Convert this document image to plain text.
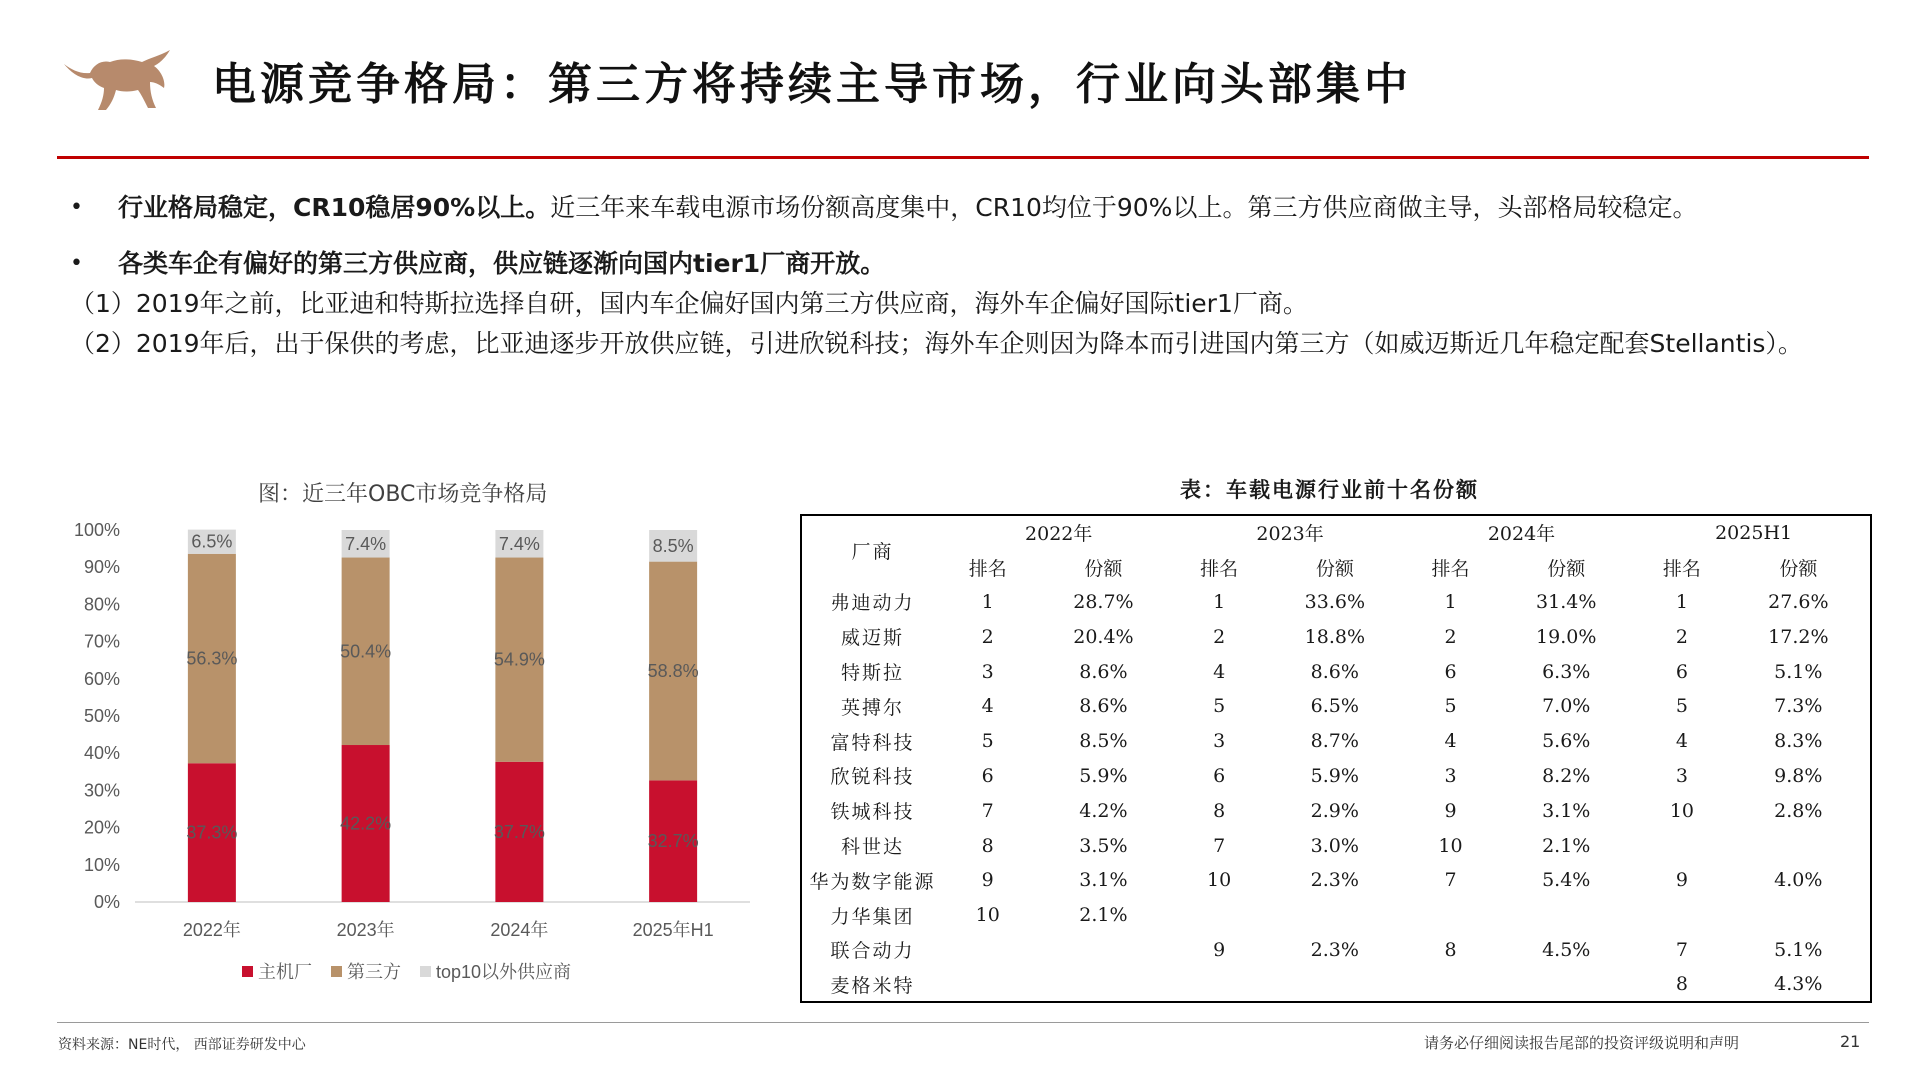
电源竞争格局：第三方将持续主导市场，行业向头部集中
• 行业格局稳定，CR10稳居90%以上。近三年来车载电源市场份额高度集中，CR10均位于90%以上。第三方供应商做主导，头部格局较稳定。
• 各类车企有偏好的第三方供应商，供应链逐渐向国内tier1厂商开放。
（1）2019年之前，比亚迪和特斯拉选择自研，国内车企偏好国内第三方供应商，海外车企偏好国际tier1厂商。
（2）2019年后，出于保供的考虑，比亚迪逐步开放供应链，引进欣锐科技；海外车企则因为降本而引进国内第三方（如威迈斯近几年稳定配套Stellantis）。
图：近三年OBC市场竞争格局
0%
10%
20%
30%
40%
50%
60%
70%
80%
90%
100%
37.3%
56.3%
6.5%
2022年
42.2%
50.4%
7.4%
2023年
37.7%
54.9%
7.4%
2024年
32.7%
58.8%
8.5%
2025年H1
主机厂 第三方 top10以外供应商
表：车载电源行业前十名份额
厂商	2022年		2023年		2024年		2025H1	
	排名	份额	排名	份额	排名	份额	排名	份额
弗迪动力	1	28.7%	1	33.6%	1	31.4%	1	27.6%
威迈斯	2	20.4%	2	18.8%	2	19.0%	2	17.2%
特斯拉	3	8.6%	4	8.6%	6	6.3%	6	5.1%
英搏尔	4	8.6%	5	6.5%	5	7.0%	5	7.3%
富特科技	5	8.5%	3	8.7%	4	5.6%	4	8.3%
欣锐科技	6	5.9%	6	5.9%	3	8.2%	3	9.8%
铁城科技	7	4.2%	8	2.9%	9	3.1%	10	2.8%
科世达	8	3.5%	7	3.0%	10	2.1%		
华为数字能源	9	3.1%	10	2.3%	7	5.4%	9	4.0%
力华集团	10	2.1%						
联合动力			9	2.3%	8	4.5%	7	5.1%
麦格米特							8	4.3%
资料来源：NE时代， 西部证券研发中心	请务必仔细阅读报告尾部的投资评级说明和声明	21
